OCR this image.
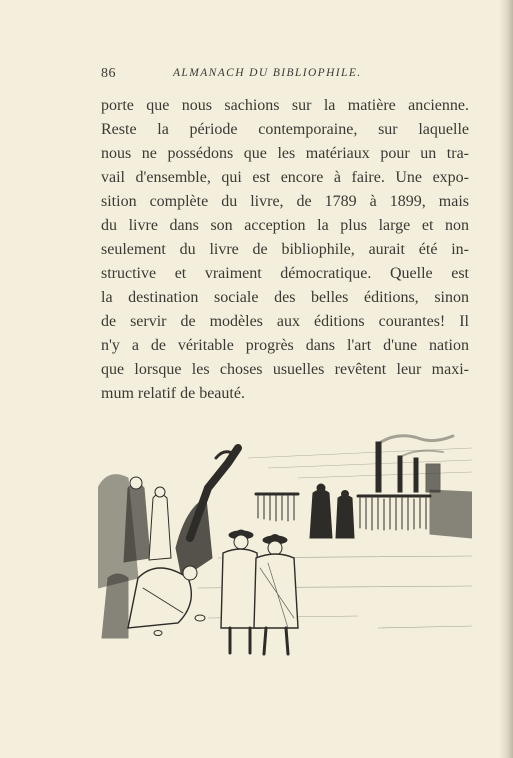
86	ALMANACH DU BIBLIOPHILE.
porte que nous sachions sur la matière ancienne.
Reste la période contemporaine, sur laquelle
nous ne possédons que les matériaux pour un tra-
vail d'ensemble, qui est encore à faire. Une expo-
sition complète du livre, de 1789 à 1899, mais
du livre dans son acception la plus large et non
seulement du livre de bibliophile, aurait été in-
structive et vraiment démocratique. Quelle est
la destination sociale des belles éditions, sinon
de servir de modèles aux éditions courantes! Il
n'y a de véritable progrès dans l'art d'une nation
que lorsque les choses usuelles revêtent leur maxi-
mum relatif de beauté.
